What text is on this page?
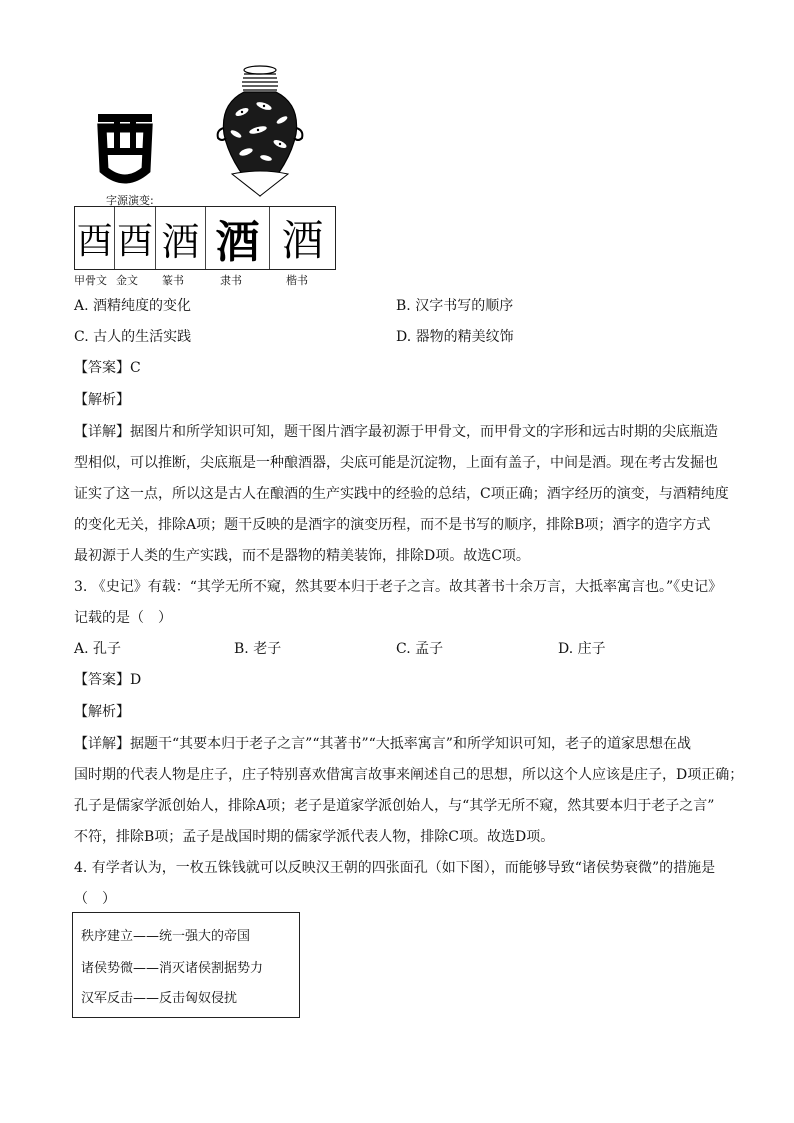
字源演变:
酉 酉 酒 酒 酒
甲骨文 金文 篆书	隶书	楷书
A. 酒精纯度的变化	B. 汉字书写的顺序
C. 古人的生活实践	D. 器物的精美纹饰
【答案】C
【解析】
【详解】据图片和所学知识可知，题干图片酒字最初源于甲骨文，而甲骨文的字形和远古时期的尖底瓶造
型相似，可以推断，尖底瓶是一种酿酒器，尖底可能是沉淀物，上面有盖子，中间是酒。现在考古发掘也
证实了这一点，所以这是古人在酿酒的生产实践中的经验的总结，C项正确；酒字经历的演变，与酒精纯度
的变化无关，排除A项；题干反映的是酒字的演变历程，而不是书写的顺序，排除B项；酒字的造字方式
最初源于人类的生产实践，而不是器物的精美装饰，排除D项。故选C项。
3. 《史记》有载：“其学无所不窥，然其要本归于老子之言。故其著书十余万言，大抵率寓言也。”《史记》
记载的是（　）
A. 孔子	B. 老子	C. 孟子	D. 庄子
【答案】D
【解析】
【详解】据题干“其要本归于老子之言”“其著书”“大抵率寓言”和所学知识可知，老子的道家思想在战
国时期的代表人物是庄子，庄子特别喜欢借寓言故事来阐述自己的思想，所以这个人应该是庄子，D项正确；
孔子是儒家学派创始人，排除A项；老子是道家学派创始人，与“其学无所不窥，然其要本归于老子之言”
不符，排除B项；孟子是战国时期的儒家学派代表人物，排除C项。故选D项。
4. 有学者认为，一枚五铢钱就可以反映汉王朝的四张面孔（如下图），而能够导致“诸侯势衰微”的措施是
（　）
秩序建立——统一强大的帝国
诸侯势微——消灭诸侯割据势力
汉军反击——反击匈奴侵扰
